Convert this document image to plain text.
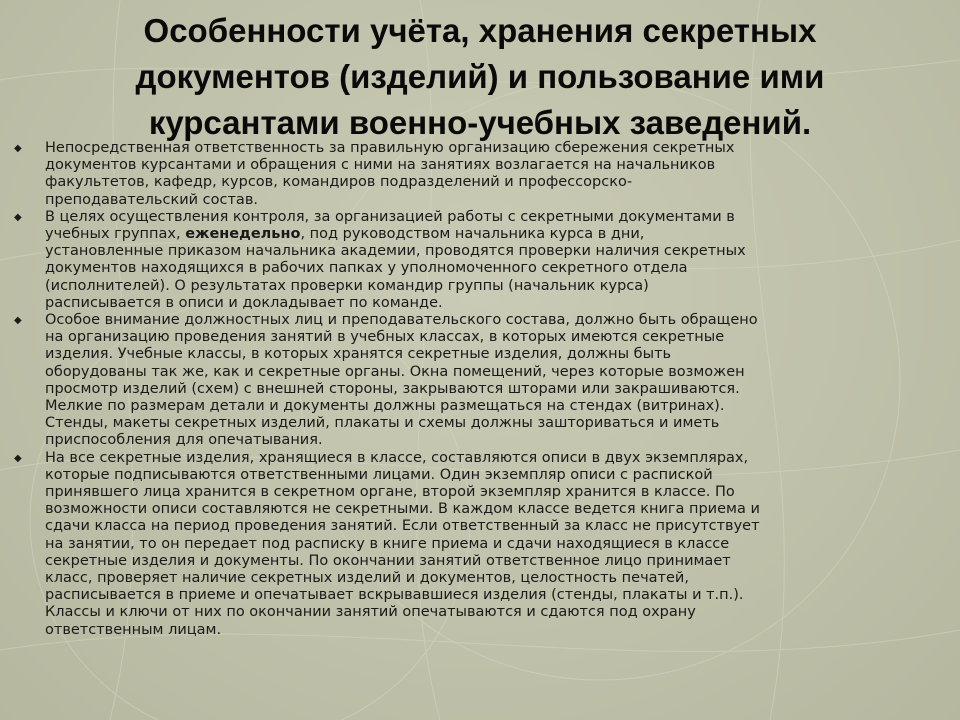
Особенности учёта, хранения секретных
документов (изделий) и пользование ими
курсантами военно-учебных заведений.
◆ Непосредственная ответственность за правильную организацию сбережения секретных
документов курсантами и обращения с ними на занятиях возлагается на начальников
факультетов, кафедр, курсов, командиров подразделений и профессорско-
преподавательский состав.
◆ В целях осуществления контроля, за организацией работы с секретными документами в
учебных группах, еженедельно, под руководством начальника курса в дни,
установленные приказом начальника академии, проводятся проверки наличия секретных
документов находящихся в рабочих папках у уполномоченного секретного отдела
(исполнителей). О результатах проверки командир группы (начальник курса)
расписывается в описи и докладывает по команде.
◆ Особое внимание должностных лиц и преподавательского состава, должно быть обращено
на организацию проведения занятий в учебных классах, в которых имеются секретные
изделия. Учебные классы, в которых хранятся секретные изделия, должны быть
оборудованы так же, как и секретные органы. Окна помещений, через которые возможен
просмотр изделий (схем) с внешней стороны, закрываются шторами или закрашиваются.
Мелкие по размерам детали и документы должны размещаться на стендах (витринах).
Стенды, макеты секретных изделий, плакаты и схемы должны зашториваться и иметь
приспособления для опечатывания.
◆ На все секретные изделия, хранящиеся в классе, составляются описи в двух экземплярах,
которые подписываются ответственными лицами. Один экземпляр описи с распиской
принявшего лица хранится в секретном органе, второй экземпляр хранится в классе. По
возможности описи составляются не секретными. В каждом классе ведется книга приема и
сдачи класса на период проведения занятий. Если ответственный за класс не присутствует
на занятии, то он передает под расписку в книге приема и сдачи находящиеся в классе
секретные изделия и документы. По окончании занятий ответственное лицо принимает
класс, проверяет наличие секретных изделий и документов, целостность печатей,
расписывается в приеме и опечатывает вскрывавшиеся изделия (стенды, плакаты и т.п.).
Классы и ключи от них по окончании занятий опечатываются и сдаются под охрану
ответственным лицам.
